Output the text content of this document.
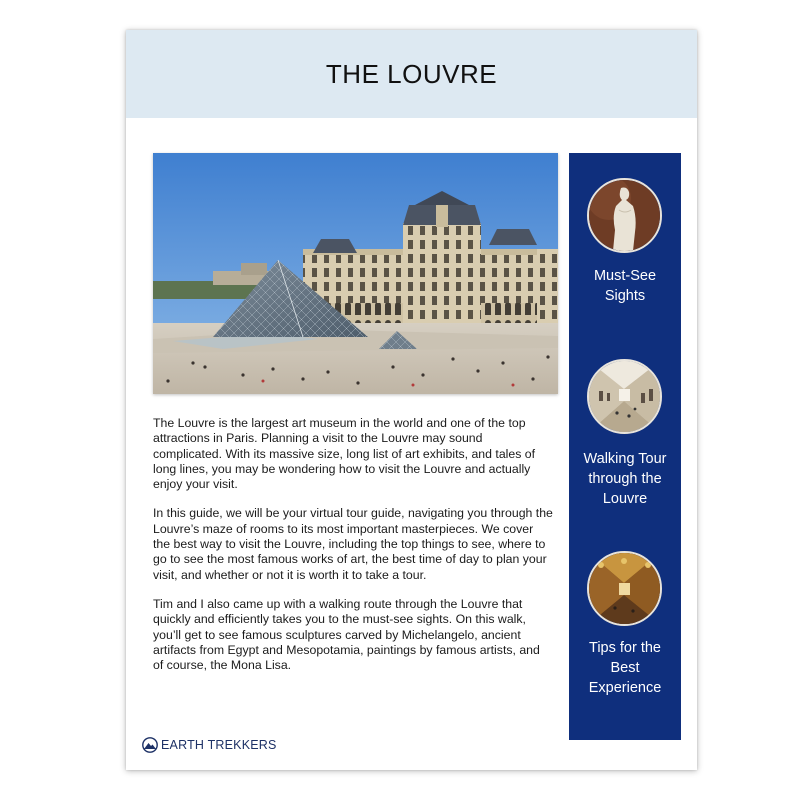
THE LOUVRE

The Louvre is the largest art museum in the world and one of the top attractions in Paris. Planning a visit to the Louvre may sound complicated. With its massive size, long list of art exhibits, and tales of long lines, you may be wondering how to visit the Louvre and actually enjoy your visit.

In this guide, we will be your virtual tour guide, navigating you through the Louvre’s maze of rooms to its most important masterpieces. We cover the best way to visit the Louvre, including the top things to see, where to go to see the most famous works of art, the best time of day to plan your visit, and whether or not it is worth it to take a tour.

Tim and I also came up with a walking route through the Louvre that quickly and efficiently takes you to the must-see sights. On this walk, you’ll get to see famous sculptures carved by Michelangelo, ancient artifacts from Egypt and Mesopotamia, paintings by famous artists, and of course, the Mona Lisa.

Must-See
Sights
Walking Tour
through the
Louvre
Tips for the
Best
Experience
EARTH TREKKERS
